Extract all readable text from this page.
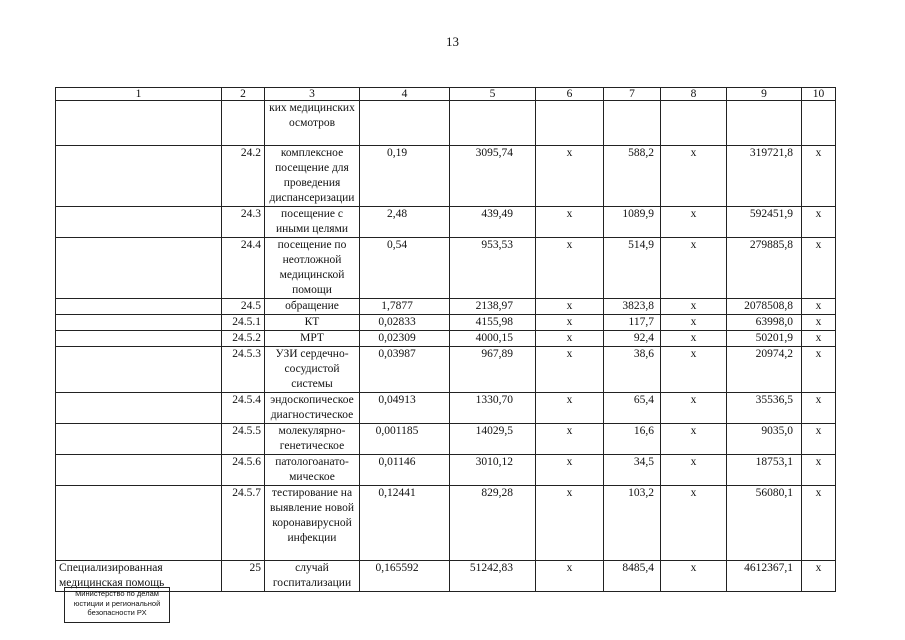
13
1	2	3	4	5	6	7	8	9	10
		ких медицинских осмотров							
	24.2	комплексное посещение для проведения диспансеризации	0,19	3095,74	x	588,2	x	319721,8	x
	24.3	посещение с иными целями	2,48	439,49	x	1089,9	x	592451,9	x
	24.4	посещение по неотложной медицинской помощи	0,54	953,53	x	514,9	x	279885,8	x
	24.5	обращение	1,7877	2138,97	x	3823,8	x	2078508,8	x
	24.5.1	КТ	0,02833	4155,98	x	117,7	x	63998,0	x
	24.5.2	МРТ	0,02309	4000,15	x	92,4	x	50201,9	x
	24.5.3	УЗИ сердечно-сосудистой системы	0,03987	967,89	x	38,6	x	20974,2	x
	24.5.4	эндоскопическое диагностическое	0,04913	1330,70	x	65,4	x	35536,5	x
	24.5.5	молекулярно-генетическое	0,001185	14029,5	x	16,6	x	9035,0	x
	24.5.6	патологоанато-мическое	0,01146	3010,12	x	34,5	x	18753,1	x
	24.5.7	тестирование на выявление новой коронавирусной инфекции	0,12441	829,28	x	103,2	x	56080,1	x
Специализированная медицинская помощь	25	случай госпитализации	0,165592	51242,83	x	8485,4	x	4612367,1	x
Министерство по делам
юстиции и региональной
безопасности РХ
